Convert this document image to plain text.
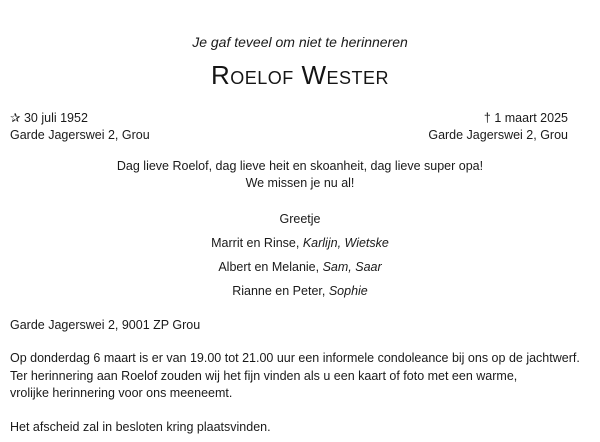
Je gaf teveel om niet te herinneren
Roelof Wester
✰ 30 juli 1952
Garde Jagerswei 2, Grou
† 1 maart 2025
Garde Jagerswei 2, Grou
Dag lieve Roelof, dag lieve heit en skoanheit, dag lieve super opa!
We missen je nu al!
Greetje
Marrit en Rinse, Karlijn, Wietske
Albert en Melanie, Sam, Saar
Rianne en Peter, Sophie
Garde Jagerswei 2, 9001 ZP Grou
Op donderdag 6 maart is er van 19.00 tot 21.00 uur een informele condoleance bij ons op de jachtwerf.
Ter herinnering aan Roelof zouden wij het fijn vinden als u een kaart of foto met een warme,
vrolijke herinnering voor ons meeneemt.
Het afscheid zal in besloten kring plaatsvinden.
